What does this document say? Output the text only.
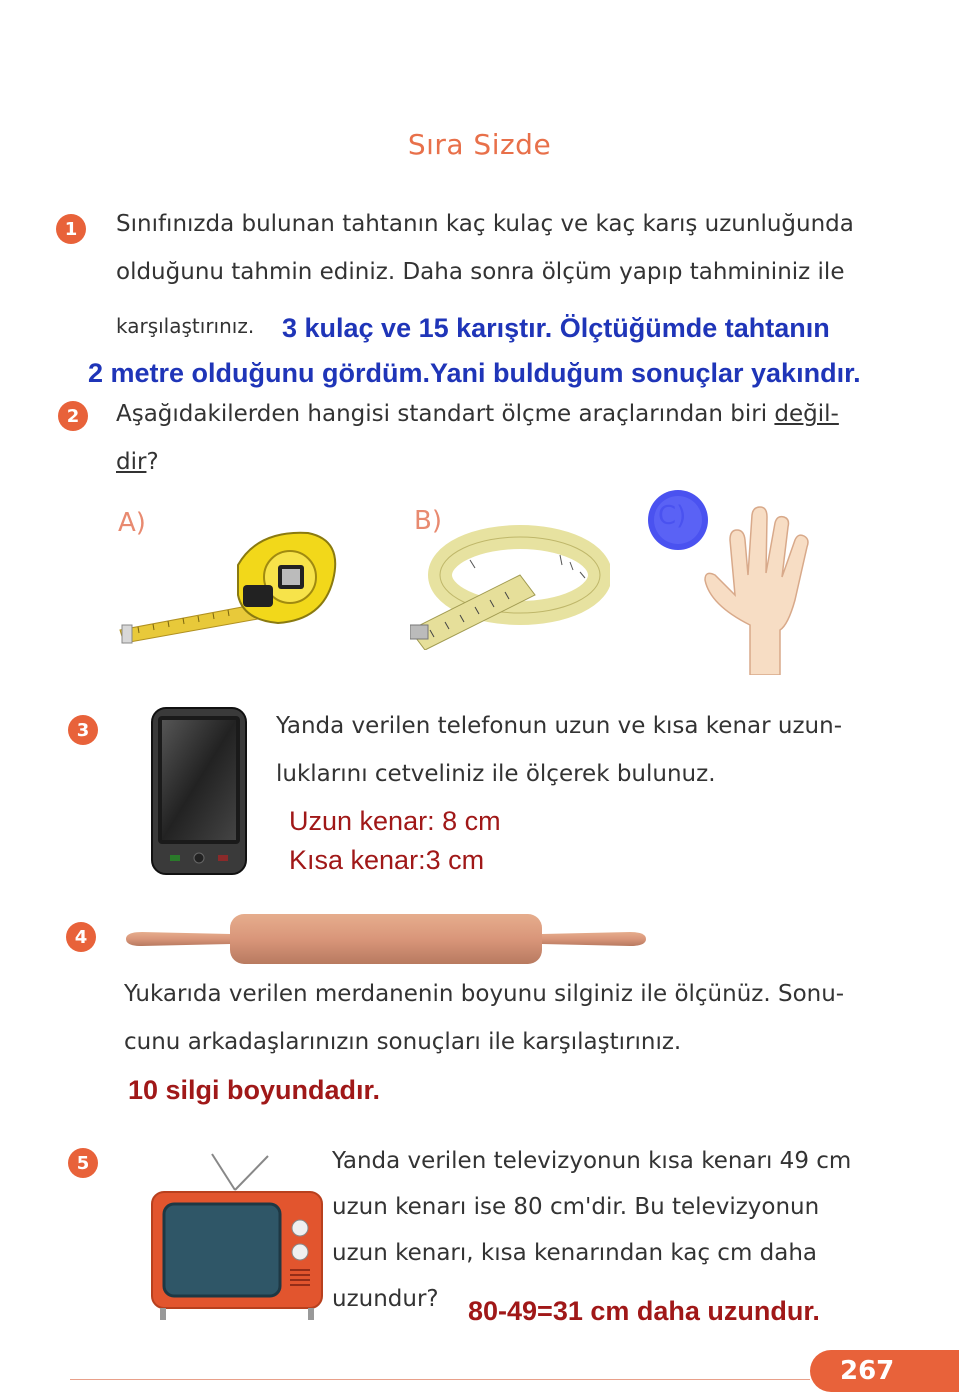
Sıra Sizde
1	Sınıfınızda bulunan tahtanın kaç kulaç ve kaç karış uzunluğunda
olduğunu tahmin ediniz. Daha sonra ölçüm yapıp tahmininiz ile
karşılaştırınız. 3 kulaç ve 15 karıştır. Ölçtüğümde tahtanın
2 metre olduğunu gördüm.Yani bulduğum sonuçlar yakındır.
2	Aşağıdakilerden hangisi standart ölçme araçlarından biri değil-
dir?
A)	B)	C)
3	Yanda verilen telefonun uzun ve kısa kenar uzun-
luklarını cetveliniz ile ölçerek bulunuz.
Uzun kenar: 8 cm
Kısa kenar:3 cm
4
Yukarıda verilen merdanenin boyunu silginiz ile ölçünüz. Sonu-
cunu arkadaşlarınızın sonuçları ile karşılaştırınız.
10 silgi boyundadır.
5	Yanda verilen televizyonun kısa kenarı 49 cm
uzun kenarı ise 80 cm'dir. Bu televizyonun
uzun kenarı, kısa kenarından kaç cm daha
uzundur?	80-49=31 cm daha uzundur.
267
